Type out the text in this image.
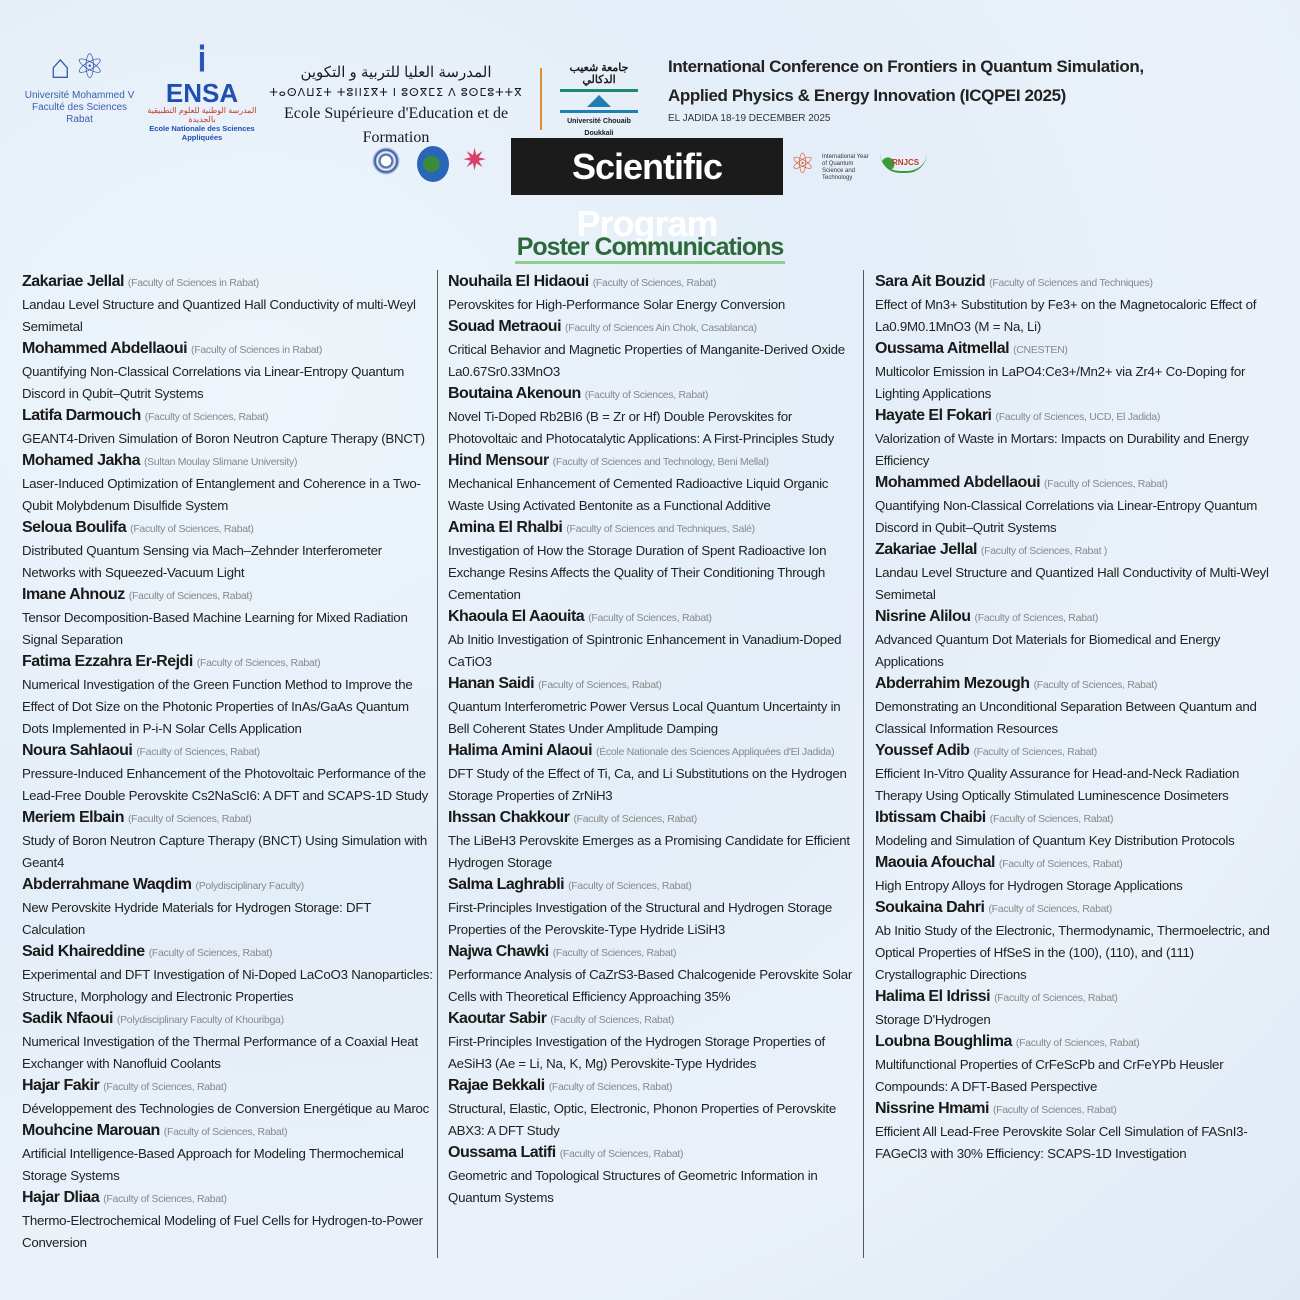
⌂⚛
Université Mohammed V
Faculté des Sciences
Rabat
ⅰ
ENSA
المدرسة الوطنية للعلوم التطبيقية بالجديدة
Ecole Nationale des Sciences Appliquées
المدرسة العليا للتربية و التكوين
ⵜⴰⵙⴷⵡⵉⵜ ⵜⵓⵏⵏⵉⴳⵜ ⵏ ⵓⵙⴳⵎⵉ ⴷ ⵓⵙⵎⵓⵜⵜⴳ
Ecole Supérieure d'Education et de Formation
جامعة شعيب الدكالي
Université Chouaib Doukkali
International Conference on Frontiers in Quantum Simulation,
Applied Physics & Energy Innovation (ICQPEI 2025)
EL JADIDA 18-19 DECEMBER 2025
✷	Scientific Program
⚛ International Year of Quantum Science and Technology
RNJCS
Poster Communications
Zakariae Jellal (Faculty of Sciences in Rabat)
Landau Level Structure and Quantized Hall Conductivity of multi-Weyl Semimetal
Mohammed Abdellaoui (Faculty of Sciences in Rabat)
Quantifying Non-Classical Correlations via Linear-Entropy Quantum Discord in Qubit–Qutrit Systems
Latifa Darmouch (Faculty of Sciences, Rabat)
GEANT4-Driven Simulation of Boron Neutron Capture Therapy (BNCT)
Mohamed Jakha (Sultan Moulay Slimane University)
Laser-Induced Optimization of Entanglement and Coherence in a Two-Qubit Molybdenum Disulfide System
Seloua Boulifa (Faculty of Sciences, Rabat)
Distributed Quantum Sensing via Mach–Zehnder Interferometer Networks with Squeezed-Vacuum Light
Imane Ahnouz (Faculty of Sciences, Rabat)
Tensor Decomposition-Based Machine Learning for Mixed Radiation Signal Separation
Fatima Ezzahra Er-Rejdi (Faculty of Sciences, Rabat)
Numerical Investigation of the Green Function Method to Improve the Effect of Dot Size on the Photonic Properties of InAs/GaAs Quantum Dots Implemented in P-i-N Solar Cells Application
Noura Sahlaoui (Faculty of Sciences, Rabat)
Pressure-Induced Enhancement of the Photovoltaic Performance of the Lead-Free Double Perovskite Cs2NaScI6: A DFT and SCAPS-1D Study
Meriem Elbain (Faculty of Sciences, Rabat)
Study of Boron Neutron Capture Therapy (BNCT) Using Simulation with Geant4
Abderrahmane Waqdim (Polydisciplinary Faculty)
New Perovskite Hydride Materials for Hydrogen Storage: DFT Calculation
Said Khaireddine (Faculty of Sciences, Rabat)
Experimental and DFT Investigation of Ni-Doped LaCoO3 Nanoparticles: Structure, Morphology and Electronic Properties
Sadik Nfaoui (Polydisciplinary Faculty of Khouribga)
Numerical Investigation of the Thermal Performance of a Coaxial Heat Exchanger with Nanofluid Coolants
Hajar Fakir (Faculty of Sciences, Rabat)
Développement des Technologies de Conversion Energétique au Maroc
Mouhcine Marouan (Faculty of Sciences, Rabat)
Artificial Intelligence-Based Approach for Modeling Thermochemical Storage Systems
Hajar Dliaa (Faculty of Sciences, Rabat)
Thermo-Electrochemical Modeling of Fuel Cells for Hydrogen-to-Power Conversion
Nouhaila El Hidaoui (Faculty of Sciences, Rabat)
Perovskites for High-Performance Solar Energy Conversion
Souad Metraoui (Faculty of Sciences Ain Chok, Casablanca)
Critical Behavior and Magnetic Properties of Manganite-Derived Oxide La0.67Sr0.33MnO3
Boutaina Akenoun (Faculty of Sciences, Rabat)
Novel Ti-Doped Rb2BI6 (B = Zr or Hf) Double Perovskites for Photovoltaic and Photocatalytic Applications: A First-Principles Study
Hind Mensour (Faculty of Sciences and Technology, Beni Mellal)
Mechanical Enhancement of Cemented Radioactive Liquid Organic Waste Using Activated Bentonite as a Functional Additive
Amina El Rhalbi (Faculty of Sciences and Techniques, Salé)
Investigation of How the Storage Duration of Spent Radioactive Ion Exchange Resins Affects the Quality of Their Conditioning Through Cementation
Khaoula El Aaouita (Faculty of Sciences, Rabat)
Ab Initio Investigation of Spintronic Enhancement in Vanadium-Doped CaTiO3
Hanan Saidi (Faculty of Sciences, Rabat)
Quantum Interferometric Power Versus Local Quantum Uncertainty in Bell Coherent States Under Amplitude Damping
Halima Amini Alaoui (École Nationale des Sciences Appliquées d'El Jadida)
DFT Study of the Effect of Ti, Ca, and Li Substitutions on the Hydrogen Storage Properties of ZrNiH3
Ihssan Chakkour (Faculty of Sciences, Rabat)
The LiBeH3 Perovskite Emerges as a Promising Candidate for Efficient Hydrogen Storage
Salma Laghrabli (Faculty of Sciences, Rabat)
First-Principles Investigation of the Structural and Hydrogen Storage Properties of the Perovskite-Type Hydride LiSiH3
Najwa Chawki (Faculty of Sciences, Rabat)
Performance Analysis of CaZrS3-Based Chalcogenide Perovskite Solar Cells with Theoretical Efficiency Approaching 35%
Kaoutar Sabir (Faculty of Sciences, Rabat)
First-Principles Investigation of the Hydrogen Storage Properties of AeSiH3 (Ae = Li, Na, K, Mg) Perovskite-Type Hydrides
Rajae Bekkali (Faculty of Sciences, Rabat)
Structural, Elastic, Optic, Electronic, Phonon Properties of Perovskite ABX3: A DFT Study
Oussama Latifi (Faculty of Sciences, Rabat)
Geometric and Topological Structures of Geometric Information in Quantum Systems
Sara Ait Bouzid (Faculty of Sciences and Techniques)
Effect of Mn3+ Substitution by Fe3+ on the Magnetocaloric Effect of La0.9M0.1MnO3 (M = Na, Li)
Oussama Aitmellal (CNESTEN)
Multicolor Emission in LaPO4:Ce3+/Mn2+ via Zr4+ Co-Doping for Lighting Applications
Hayate El Fokari (Faculty of Sciences, UCD, El Jadida)
Valorization of Waste in Mortars: Impacts on Durability and Energy Efficiency
Mohammed Abdellaoui (Faculty of Sciences, Rabat)
Quantifying Non-Classical Correlations via Linear-Entropy Quantum Discord in Qubit–Qutrit Systems
Zakariae Jellal (Faculty of Sciences, Rabat )
Landau Level Structure and Quantized Hall Conductivity of Multi-Weyl Semimetal
Nisrine Alilou (Faculty of Sciences, Rabat)
Advanced Quantum Dot Materials for Biomedical and Energy Applications
Abderrahim Mezough (Faculty of Sciences, Rabat)
Demonstrating an Unconditional Separation Between Quantum and Classical Information Resources
Youssef Adib (Faculty of Sciences, Rabat)
Efficient In-Vitro Quality Assurance for Head-and-Neck Radiation Therapy Using Optically Stimulated Luminescence Dosimeters
Ibtissam Chaibi (Faculty of Sciences, Rabat)
Modeling and Simulation of Quantum Key Distribution Protocols
Maouia Afouchal (Faculty of Sciences, Rabat)
High Entropy Alloys for Hydrogen Storage Applications
Soukaina Dahri (Faculty of Sciences, Rabat)
Ab Initio Study of the Electronic, Thermodynamic, Thermoelectric, and Optical Properties of HfSeS in the (100), (110), and (111) Crystallographic Directions
Halima El Idrissi (Faculty of Sciences, Rabat)
Storage D'Hydrogen
Loubna Boughlima (Faculty of Sciences, Rabat)
Multifunctional Properties of CrFeScPb and CrFeYPb Heusler Compounds: A DFT-Based Perspective
Nissrine Hmami (Faculty of Sciences, Rabat)
Efficient All Lead-Free Perovskite Solar Cell Simulation of FASnI3-FAGeCl3 with 30% Efficiency: SCAPS-1D Investigation
